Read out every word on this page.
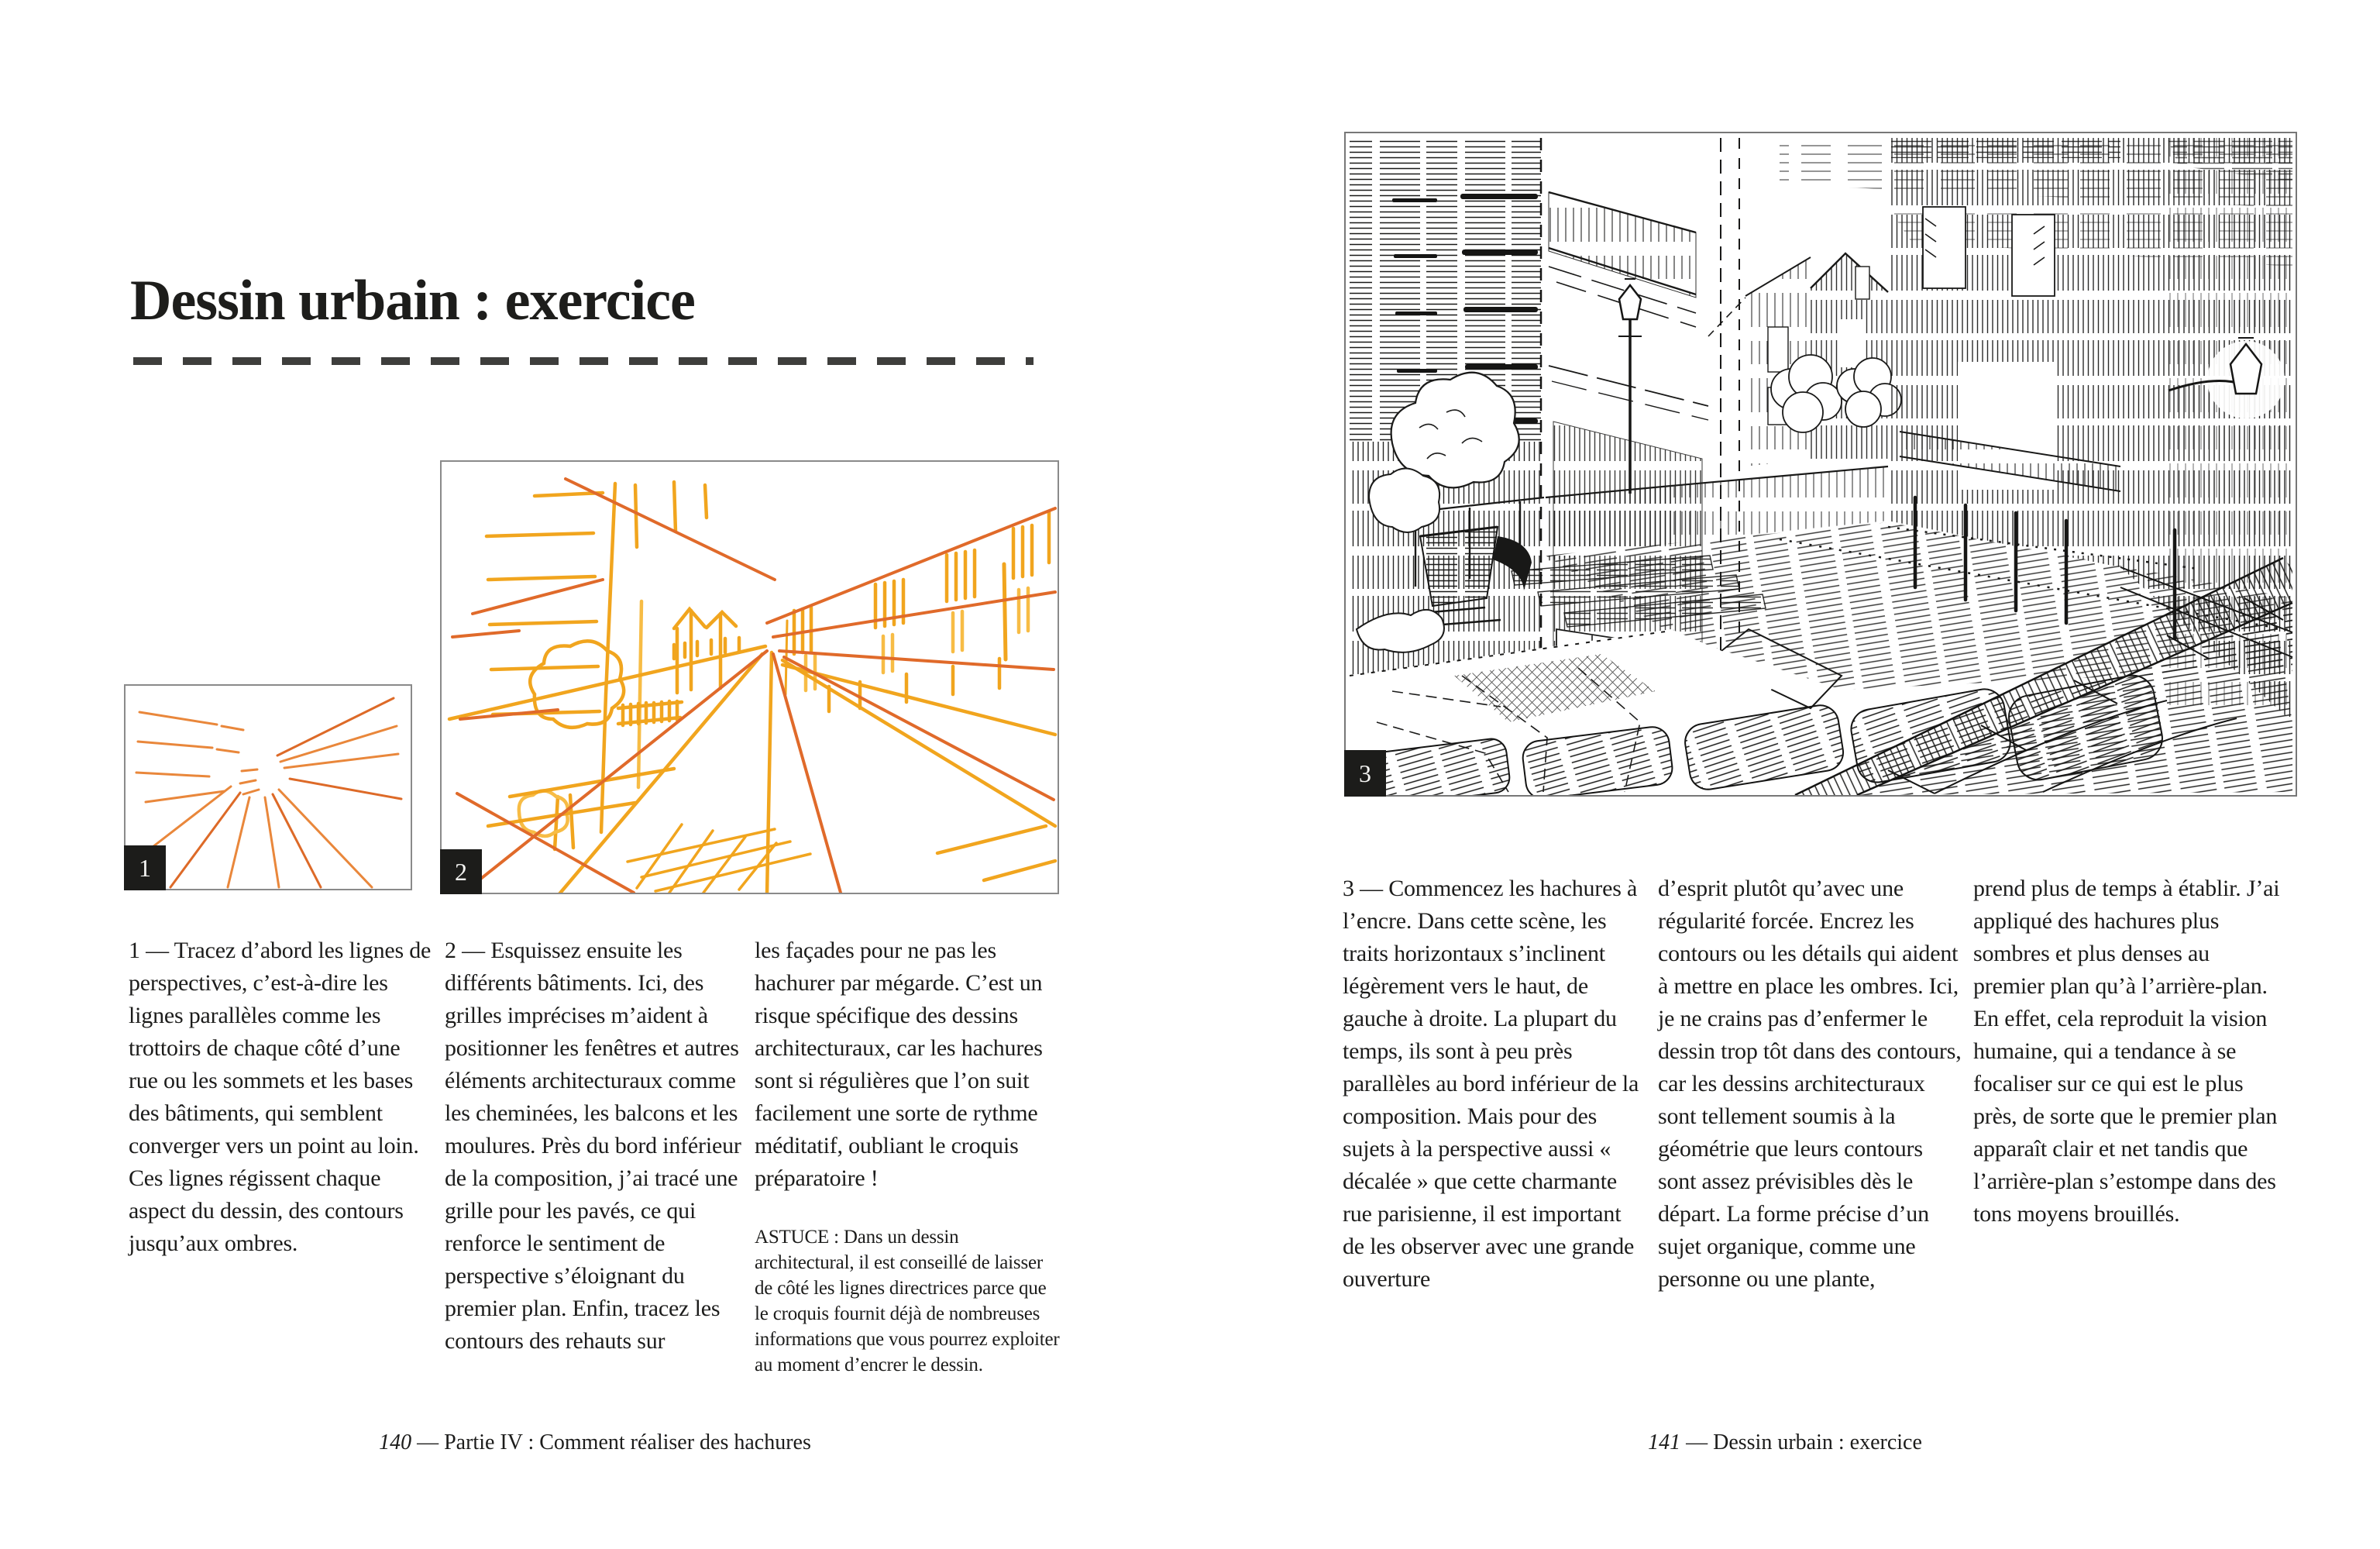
Dessin urbain : exercice
1	2

1 — Tracez d’abord les lignes de perspectives, c’est-à-dire les lignes parallèles comme les trottoirs de chaque côté d’une rue ou les sommets et les bases des bâtiments, qui semblent converger vers un point au loin. Ces lignes régissent chaque aspect du dessin, des contours jusqu’aux ombres.

2 — Esquissez ensuite les différents bâtiments. Ici, des grilles imprécises m’aident à positionner les fenêtres et autres éléments architecturaux comme les cheminées, les balcons et les moulures. Près du bord inférieur de la composition, j’ai tracé une grille pour les pavés, ce qui renforce le sentiment de perspective s’éloignant du premier plan. Enfin, tracez les contours des rehauts sur

les façades pour ne pas les hachurer par mégarde. C’est un risque spécifique des dessins architecturaux, car les hachures sont si régulières que l’on suit facilement une sorte de rythme méditatif, oubliant le croquis préparatoire !

ASTUCE : Dans un dessin architectural, il est conseillé de laisser de côté les lignes directrices parce que le croquis fournit déjà de nombreuses informations que vous pourrez exploiter au moment d’encrer le dessin.

140 — Partie IV : Comment réaliser des hachures
3

3 — Commencez les hachures à l’encre. Dans cette scène, les traits horizontaux s’inclinent légèrement vers le haut, de gauche à droite. La plupart du temps, ils sont à peu près parallèles au bord inférieur de la composition. Mais pour des sujets à la perspective aussi « décalée » que cette charmante rue parisienne, il est important de les observer avec une grande ouverture

d’esprit plutôt qu’avec une régularité forcée. Encrez les contours ou les détails qui aident à mettre en place les ombres. Ici, je ne crains pas d’enfermer le dessin trop tôt dans des contours, car les dessins architecturaux sont tellement soumis à la géométrie que leurs contours sont assez prévisibles dès le départ. La forme précise d’un sujet organique, comme une personne ou une plante,

prend plus de temps à établir. J’ai appliqué des hachures plus sombres et plus denses au premier plan qu’à l’arrière-plan. En effet, cela reproduit la vision humaine, qui a tendance à se focaliser sur ce qui est le plus près, de sorte que le premier plan apparaît clair et net tandis que l’arrière-plan s’estompe dans des tons moyens brouillés.

141 — Dessin urbain : exercice
